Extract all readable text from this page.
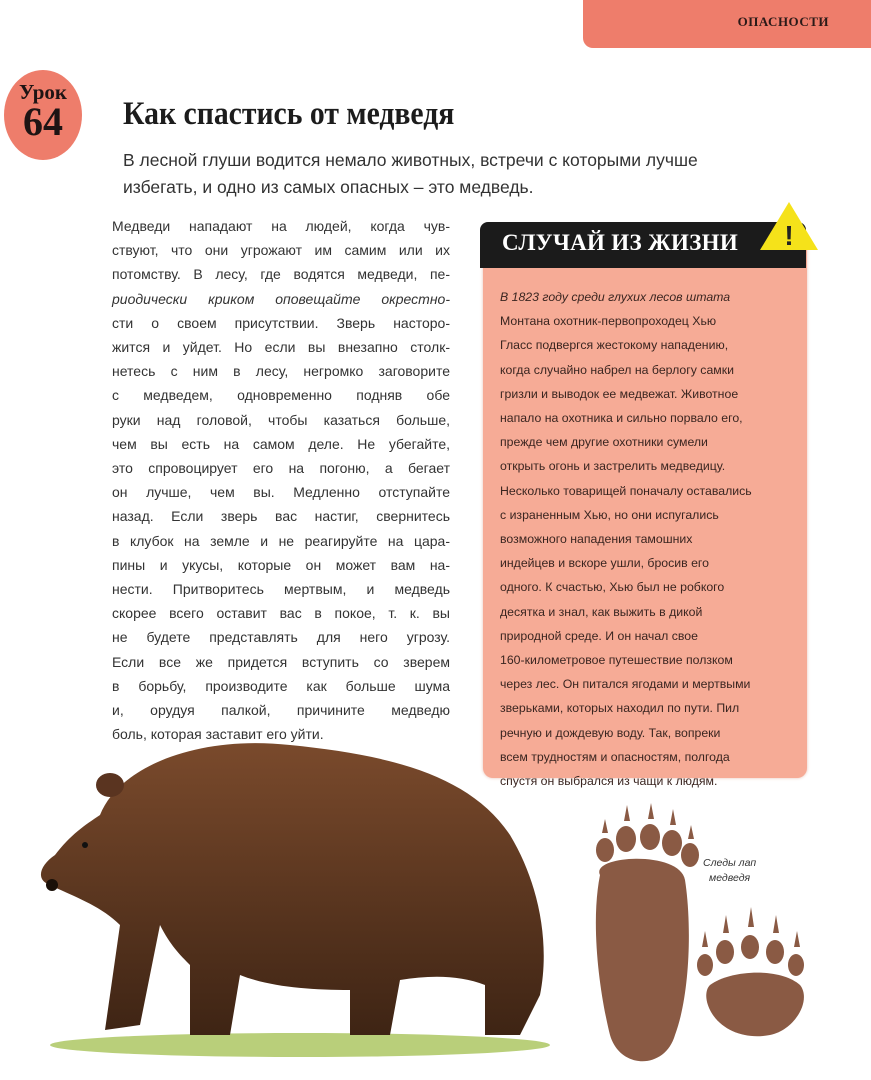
ОПАСНОСТИ
Урок
64	Как спастись от медведя
В лесной глуши водится немало животных, встречи с которыми лучше
избегать, и одно из самых опасных – это медведь.
Медведи нападают на людей, когда чув-
ствуют, что они угрожают им самим или их
потомству. В лесу, где водятся медведи, пе-
риодически криком оповещайте окрестно-
сти о своем присутствии. Зверь насторо-
жится и уйдет. Но если вы внезапно столк-
нетесь с ним в лесу, негромко заговорите
с медведем, одновременно подняв обе
руки над головой, чтобы казаться больше,
чем вы есть на самом деле. Не убегайте,
это спровоцирует его на погоню, а бегает
он лучше, чем вы. Медленно отступайте
назад. Если зверь вас настиг, свернитесь
в клубок на земле и не реагируйте на цара-
пины и укусы, которые он может вам на-
нести. Притворитесь мертвым, и медведь
скорее всего оставит вас в покое, т. к. вы
не будете представлять для него угрозу.
Если все же придется вступить со зверем
в борьбу, производите как больше шума
и, орудуя палкой, причините медведю
боль, которая заставит его уйти.
СЛУЧАЙ ИЗ ЖИЗНИ !
В 1823 году среди глухих лесов штата
Монтана охотник-первопроходец Хью
Гласс подвергся жестокому нападению,
когда случайно набрел на берлогу самки
гризли и выводок ее медвежат. Животное
напало на охотника и сильно порвало его,
прежде чем другие охотники сумели
открыть огонь и застрелить медведицу.
Несколько товарищей поначалу оставались
с израненным Хью, но они испугались
возможного нападения тамошних
индейцев и вскоре ушли, бросив его
одного. К счастью, Хью был не робкого
десятка и знал, как выжить в дикой
природной среде. И он начал свое
160-километровое путешествие ползком
через лес. Он питался ягодами и мертвыми
зверьками, которых находил по пути. Пил
речную и дождевую воду. Так, вопреки
всем трудностям и опасностям, полгода
спустя он выбрался из чащи к людям.
Следы лап
медведя
